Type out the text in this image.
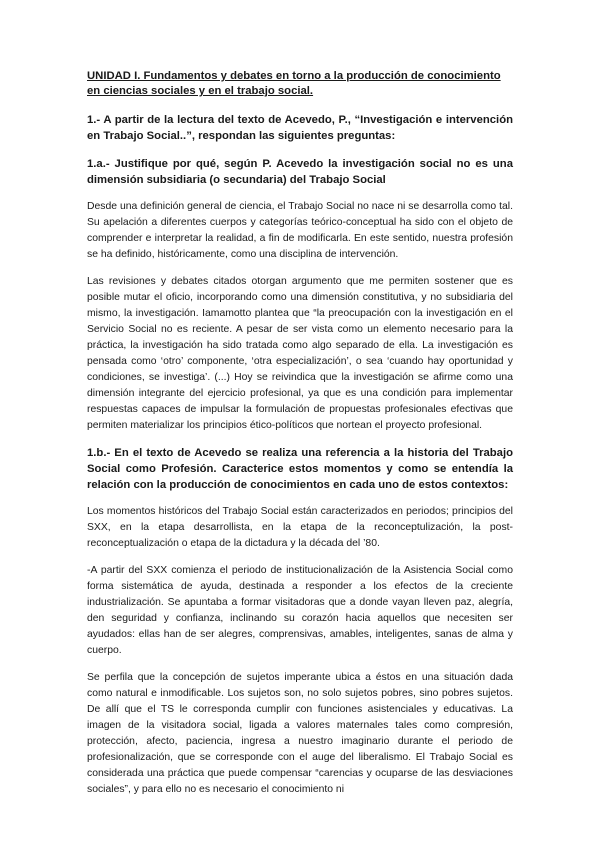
UNIDAD I. Fundamentos y debates en torno a la producción de conocimiento en ciencias sociales y en el trabajo social.
1.- A partir de la lectura del texto de Acevedo, P., “Investigación e intervención en Trabajo Social..”, respondan las siguientes preguntas:
1.a.- Justifique por qué, según P. Acevedo la investigación social no es una dimensión subsidiaria (o secundaria) del Trabajo Social

Desde una definición general de ciencia, el Trabajo Social no nace ni se desarrolla como tal. Su apelación a diferentes cuerpos y categorías teórico-conceptual ha sido con el objeto de comprender e interpretar la realidad, a fin de modificarla. En este sentido, nuestra profesión se ha definido, históricamente, como una disciplina de intervención.

Las revisiones y debates citados otorgan argumento que me permiten sostener que es posible mutar el oficio, incorporando como una dimensión constitutiva, y no subsidiaria del mismo, la investigación. Iamamotto plantea que “la preocupación con la investigación en el Servicio Social no es reciente. A pesar de ser vista como un elemento necesario para la práctica, la investigación ha sido tratada como algo separado de ella. La investigación es pensada como ‘otro’ componente, ‘otra especialización’, o sea ‘cuando hay oportunidad y condiciones, se investiga’. (...) Hoy se reivindica que la investigación se afirme como una dimensión integrante del ejercicio profesional, ya que es una condición para implementar respuestas capaces de impulsar la formulación de propuestas profesionales efectivas que permiten materializar los principios ético-políticos que nortean el proyecto profesional.

1.b.- En el texto de Acevedo se realiza una referencia a la historia del Trabajo Social como Profesión. Caracterice estos momentos y como se entendía la relación con la producción de conocimientos en cada uno de estos contextos:

Los momentos históricos del Trabajo Social están caracterizados en periodos; principios del SXX, en la etapa desarrollista, en la etapa de la reconceptulización, la post-reconceptualización o etapa de la dictadura y la década del ’80.

-A partir del SXX comienza el periodo de institucionalización de la Asistencia Social como forma sistemática de ayuda, destinada a responder a los efectos de la creciente industrialización. Se apuntaba a formar visitadoras que a donde vayan lleven paz, alegría, den seguridad y confianza, inclinando su corazón hacia aquellos que necesiten ser ayudados: ellas han de ser alegres, comprensivas, amables, inteligentes, sanas de alma y cuerpo.

Se perfila que la concepción de sujetos imperante ubica a éstos en una situación dada como natural e inmodificable. Los sujetos son, no solo sujetos pobres, sino pobres sujetos. De allí que el TS le corresponda cumplir con funciones asistenciales y educativas. La imagen de la visitadora social, ligada a valores maternales tales como compresión, protección, afecto, paciencia, ingresa a nuestro imaginario durante el periodo de profesionalización, que se corresponde con el auge del liberalismo. El Trabajo Social es considerada una práctica que puede compensar “carencias y ocuparse de las desviaciones sociales”, y para ello no es necesario el conocimiento ni
